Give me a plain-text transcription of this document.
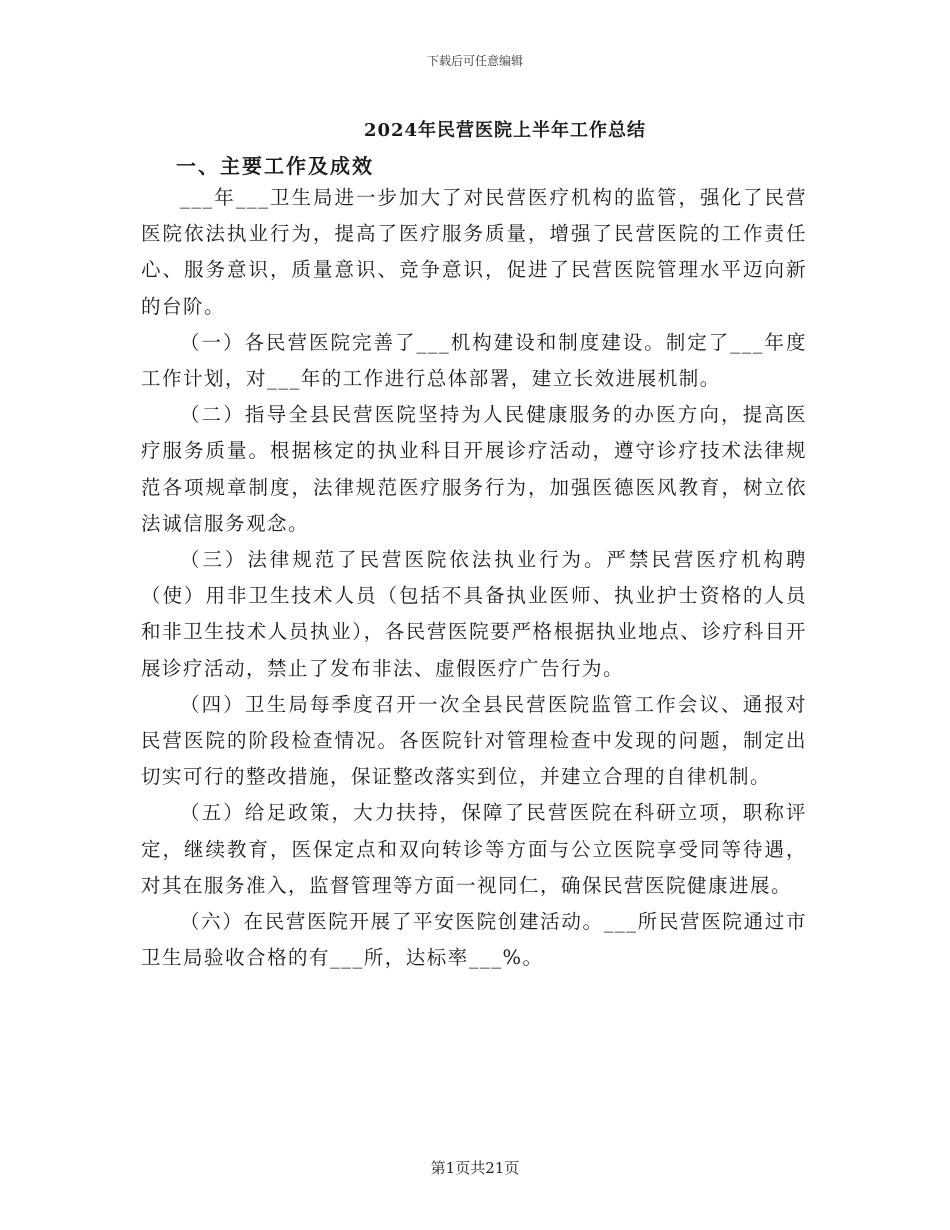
下载后可任意编辑
2024年民营医院上半年工作总结
一、主要工作及成效

___年___卫生局进一步加大了对民营医疗机构的监管，强化了民营医院依法执业行为，提高了医疗服务质量，增强了民营医院的工作责任心、服务意识，质量意识、竞争意识，促进了民营医院管理水平迈向新的台阶。

（一）各民营医院完善了___机构建设和制度建设。制定了___年度工作计划，对___年的工作进行总体部署，建立长效进展机制。

（二）指导全县民营医院坚持为人民健康服务的办医方向，提高医疗服务质量。根据核定的执业科目开展诊疗活动，遵守诊疗技术法律规范各项规章制度，法律规范医疗服务行为，加强医德医风教育，树立依法诚信服务观念。

（三）法律规范了民营医院依法执业行为。严禁民营医疗机构聘（使）用非卫生技术人员（包括不具备执业医师、执业护士资格的人员和非卫生技术人员执业），各民营医院要严格根据执业地点、诊疗科目开展诊疗活动，禁止了发布非法、虚假医疗广告行为。

（四）卫生局每季度召开一次全县民营医院监管工作会议、通报对民营医院的阶段检查情况。各医院针对管理检查中发现的问题，制定出切实可行的整改措施，保证整改落实到位，并建立合理的自律机制。

（五）给足政策，大力扶持，保障了民营医院在科研立项，职称评定，继续教育，医保定点和双向转诊等方面与公立医院享受同等待遇，对其在服务准入，监督管理等方面一视同仁，确保民营医院健康进展。

（六）在民营医院开展了平安医院创建活动。___所民营医院通过市卫生局验收合格的有___所，达标率___%。

第1页共21页
